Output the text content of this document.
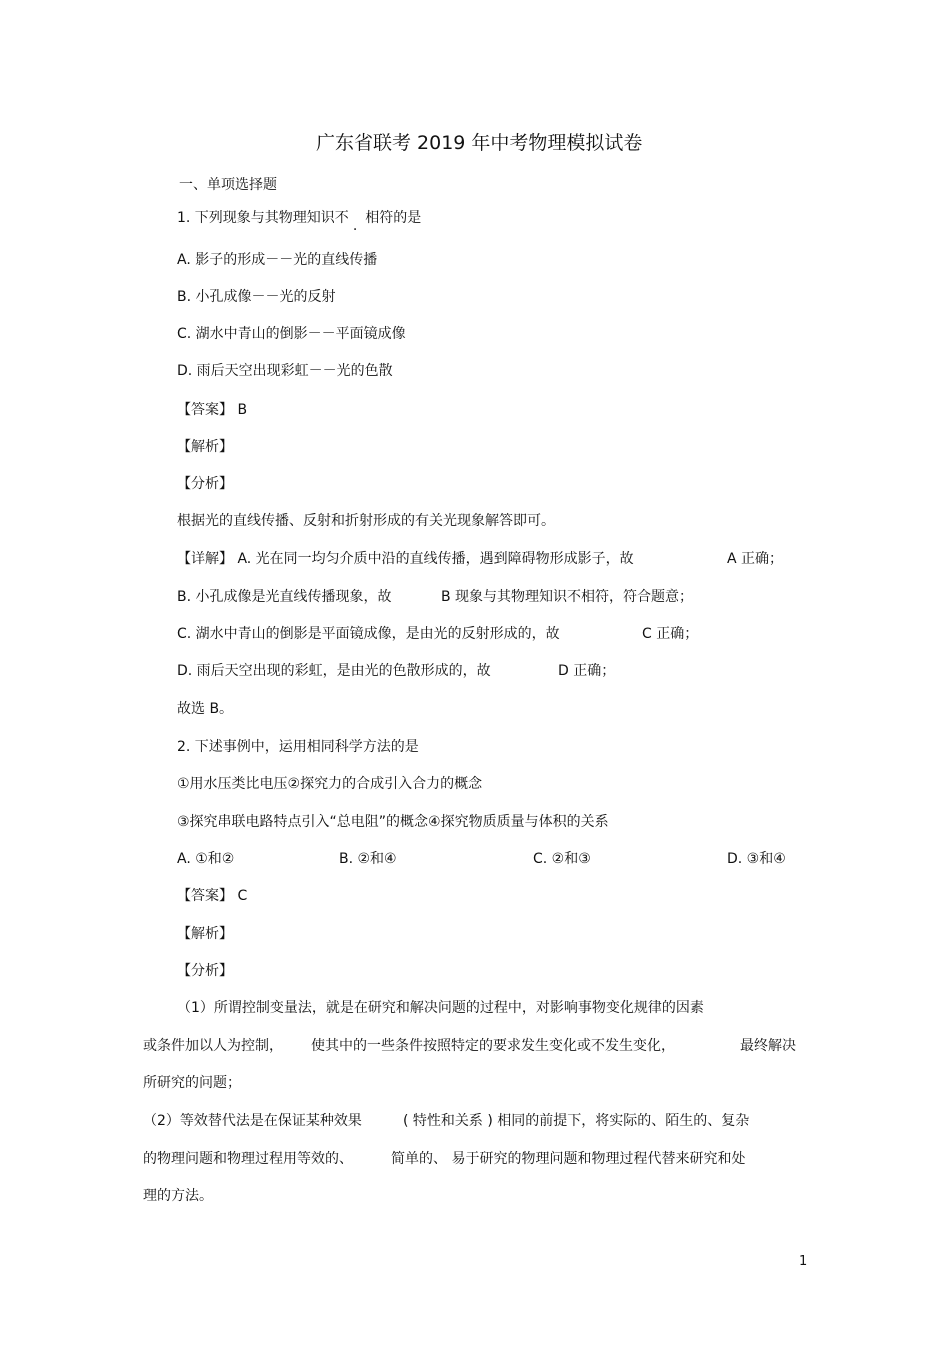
广东省联考 2019 年中考物理模拟试卷
一、单项选择题
1. 下列现象与其物理知识不 . 相符的是
A. 影子的形成－－光的直线传播
B. 小孔成像－－光的反射
C. 湖水中青山的倒影－－平面镜成像
D. 雨后天空出现彩虹－－光的色散
【答案】 B
【解析】
【分析】
根据光的直线传播、反射和折射形成的有关光现象解答即可。
【详解】 A. 光在同一均匀介质中沿的直线传播，遇到障碍物形成影子，故	A 正确；
B. 小孔成像是光直线传播现象，故	B 现象与其物理知识不相符，符合题意；
C. 湖水中青山的倒影是平面镜成像，是由光的反射形成的，故	C 正确；
D. 雨后天空出现的彩虹，是由光的色散形成的，故	D 正确；
故选 B。
2. 下述事例中，运用相同科学方法的是
①用水压类比电压②探究力的合成引入合力的概念
③探究串联电路特点引入“总电阻”的概念④探究物质质量与体积的关系
A. ①和②	B. ②和④	C. ②和③	D. ③和④
【答案】 C
【解析】
【分析】
（1）所谓控制变量法，就是在研究和解决问题的过程中，对影响事物变化规律的因素
或条件加以人为控制， 使其中的一些条件按照特定的要求发生变化或不发生变化，	最终解决
所研究的问题；
（2）等效替代法是在保证某种效果	( 特性和关系 ) 相同的前提下，将实际的、陌生的、复杂
的物理问题和物理过程用等效的、	简单的、 易于研究的物理问题和物理过程代替来研究和处
理的方法。
1
